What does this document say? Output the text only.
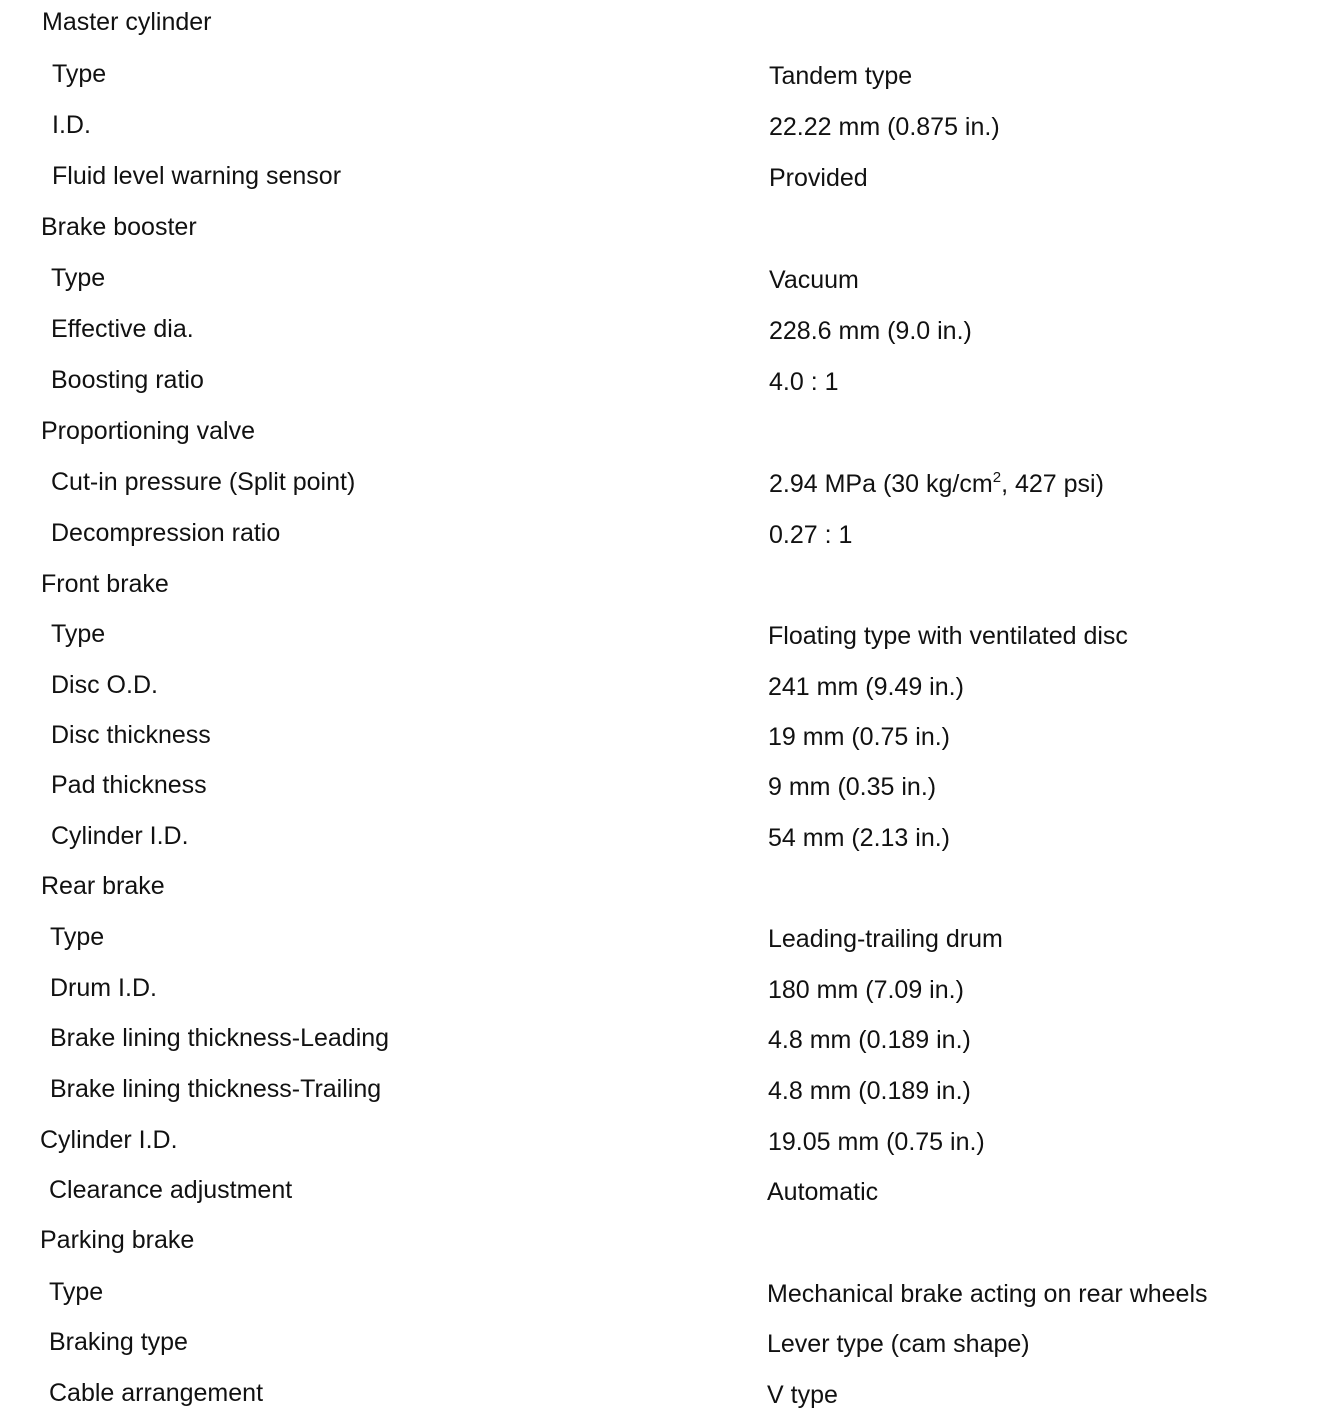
Master cylinder
Type	Tandem type
I.D.	22.22 mm (0.875 in.)
Fluid level warning sensor	Provided
Brake booster
Type	Vacuum
Effective dia.	228.6 mm (9.0 in.)
Boosting ratio	4.0 : 1
Proportioning valve
Cut-in pressure (Split point)	2.94 MPa (30 $kg/cm^2$, 427 psi)
Decompression ratio	0.27 : 1
Front brake
Type	Floating type with ventilated disc
Disc O.D.	241 mm (9.49 in.)
Disc thickness	19 mm (0.75 in.)
Pad thickness	9 mm (0.35 in.)
Cylinder I.D.	54 mm (2.13 in.)
Rear brake
Type	Leading-trailing drum
Drum I.D.	180 mm (7.09 in.)
Brake lining thickness-Leading	4.8 mm (0.189 in.)
Brake lining thickness-Trailing	4.8 mm (0.189 in.)
Cylinder I.D.	19.05 mm (0.75 in.)
Clearance adjustment	Automatic
Parking brake
Type	Mechanical brake acting on rear wheels
Braking type	Lever type (cam shape)
Cable arrangement	V type
